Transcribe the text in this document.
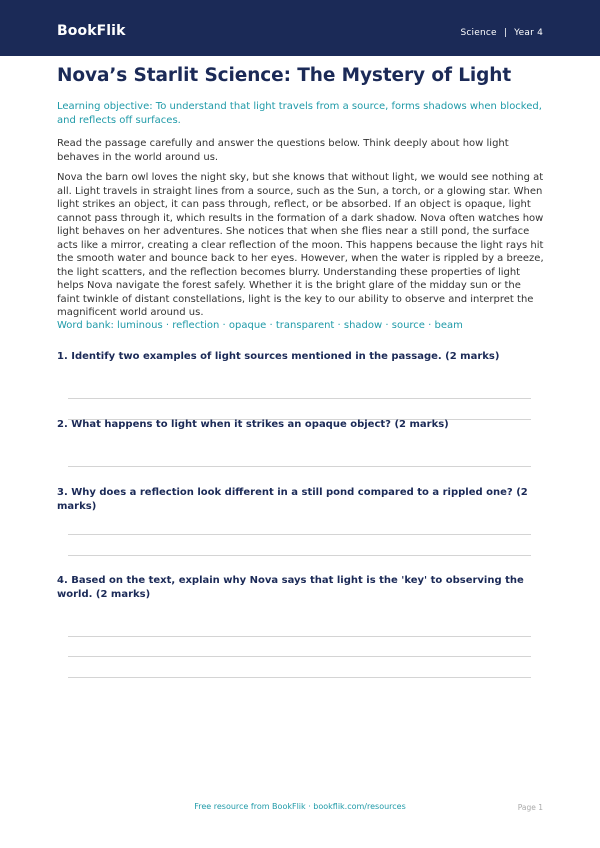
BookFlik	Science | Year 4
Nova’s Starlit Science: The Mystery of Light

Learning objective: To understand that light travels from a source, forms shadows when blocked, and reflects off surfaces.

Read the passage carefully and answer the questions below. Think deeply about how light behaves in the world around us.

Nova the barn owl loves the night sky, but she knows that without light, we would see nothing at all. Light travels in straight lines from a source, such as the Sun, a torch, or a glowing star. When light strikes an object, it can pass through, reflect, or be absorbed. If an object is opaque, light cannot pass through it, which results in the formation of a dark shadow. Nova often watches how light behaves on her adventures. She notices that when she flies near a still pond, the surface acts like a mirror, creating a clear reflection of the moon. This happens because the light rays hit the smooth water and bounce back to her eyes. However, when the water is rippled by a breeze, the light scatters, and the reflection becomes blurry. Understanding these properties of light helps Nova navigate the forest safely. Whether it is the bright glare of the midday sun or the faint twinkle of distant constellations, light is the key to our ability to observe and interpret the magnificent world around us.

Word bank: luminous · reflection · opaque · transparent · shadow · source · beam

1. Identify two examples of light sources mentioned in the passage. (2 marks)

2. What happens to light when it strikes an opaque object? (2 marks)

3. Why does a reflection look different in a still pond compared to a rippled one? (2 marks)

4. Based on the text, explain why Nova says that light is the 'key' to observing the world. (2 marks)

Free resource from BookFlik · bookflik.com/resources	Page 1
